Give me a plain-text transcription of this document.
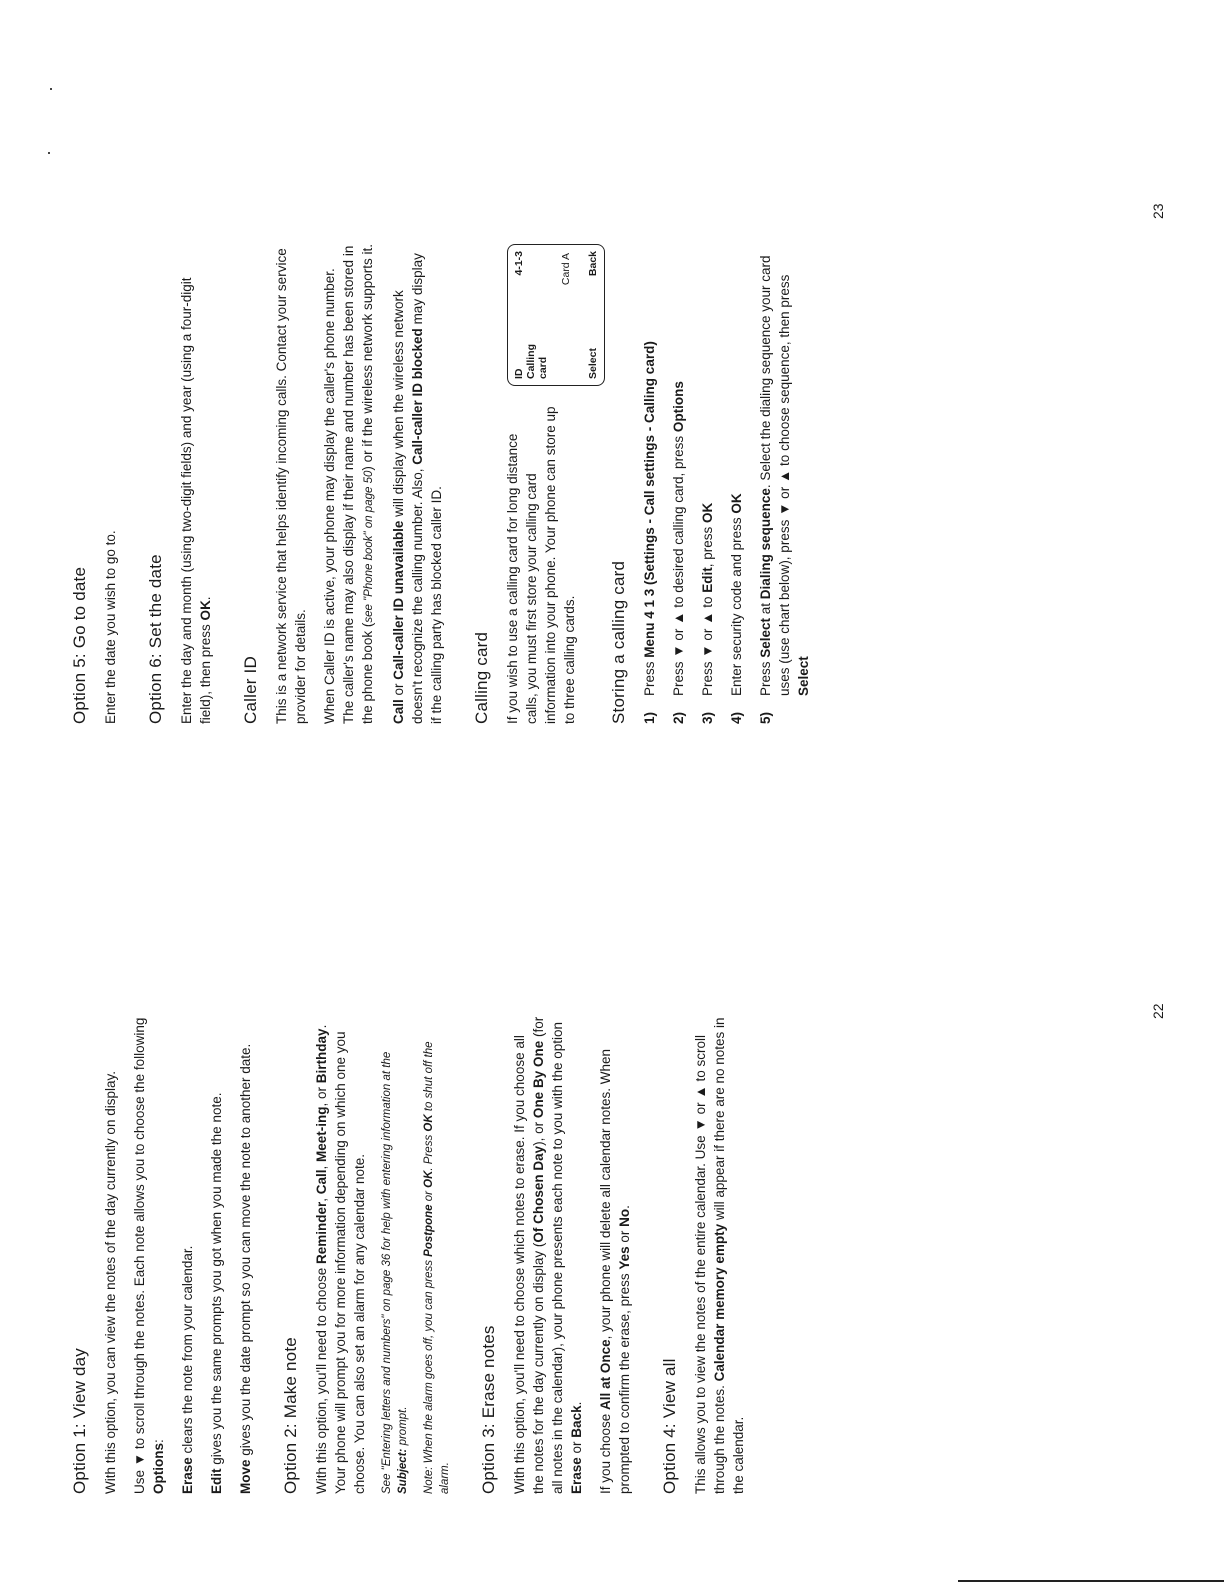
Option 1: View day With this option, you can view the notes of the day currently on display. Use ▼ to scroll through the notes. Each note allows you to choose the following Options:

Erase clears the note from your calendar.

Edit gives you the same prompts you got when you made the note.

Move gives you the date prompt so you can move the note to another date. Option 2: Make note With this option, you'll need to choose Reminder, Call, Meet-ing, or Birthday. Your phone will prompt you for more information depending on which one you choose. You can also set an alarm for any calendar note. See "Entering letters and numbers" on page 36 for help with entering information at the Subject: prompt. Note: When the alarm goes off, you can press Postpone or OK. Press OK to shut off the alarm. Option 3: Erase notes With this option, you'll need to choose which notes to erase. If you choose all the notes for the day currently on display (Of Chosen Day), or One By One (for all notes in the calendar), your phone presents each note to you with the option Erase or Back.

If you choose All at Once, your phone will delete all calendar notes. When prompted to confirm the erase, press Yes or No.

Option 4: View all This allows you to view the notes of the entire calendar. Use ▼ or ▲ to scroll through the notes. Calendar memory empty will appear if there are no notes in the calendar.

22
Option 5: Go to date Enter the date you wish to go to. Option 6: Set the date Enter the day and month (using two-digit fields) and year (using a four-digit field), then press OK.

Caller ID This is a network service that helps identify incoming calls. Contact your service provider for details. When Caller ID is active, your phone may display the caller's phone number. The caller's name may also display if their name and number has been stored in the phone book (see "Phone book" on page 50) or if the wireless network supports it.

Call or Call-caller ID unavailable will display when the wireless network doesn't recognize the calling number. Also, Call-caller ID blocked may display if the calling party has blocked caller ID. Calling card If you wish to use a calling card for long distance calls, you must first store your calling card information into your phone. Your phone can store up to three calling cards.

ID Calling card
4-1-3	Card A
Select
Back
Storing a calling card 1)
Press Menu 4 1 3 (Settings - Call settings - Calling card)
2)
Press ▼ or ▲ to desired calling card, press Options
3)
Press ▼ or ▲ to Edit, press OK
4)
Enter security code and press OK
5)
Press Select at Dialing sequence. Select the dialing sequence your card uses (use chart below), press ▼ or ▲ to choose sequence, then press Select
23
